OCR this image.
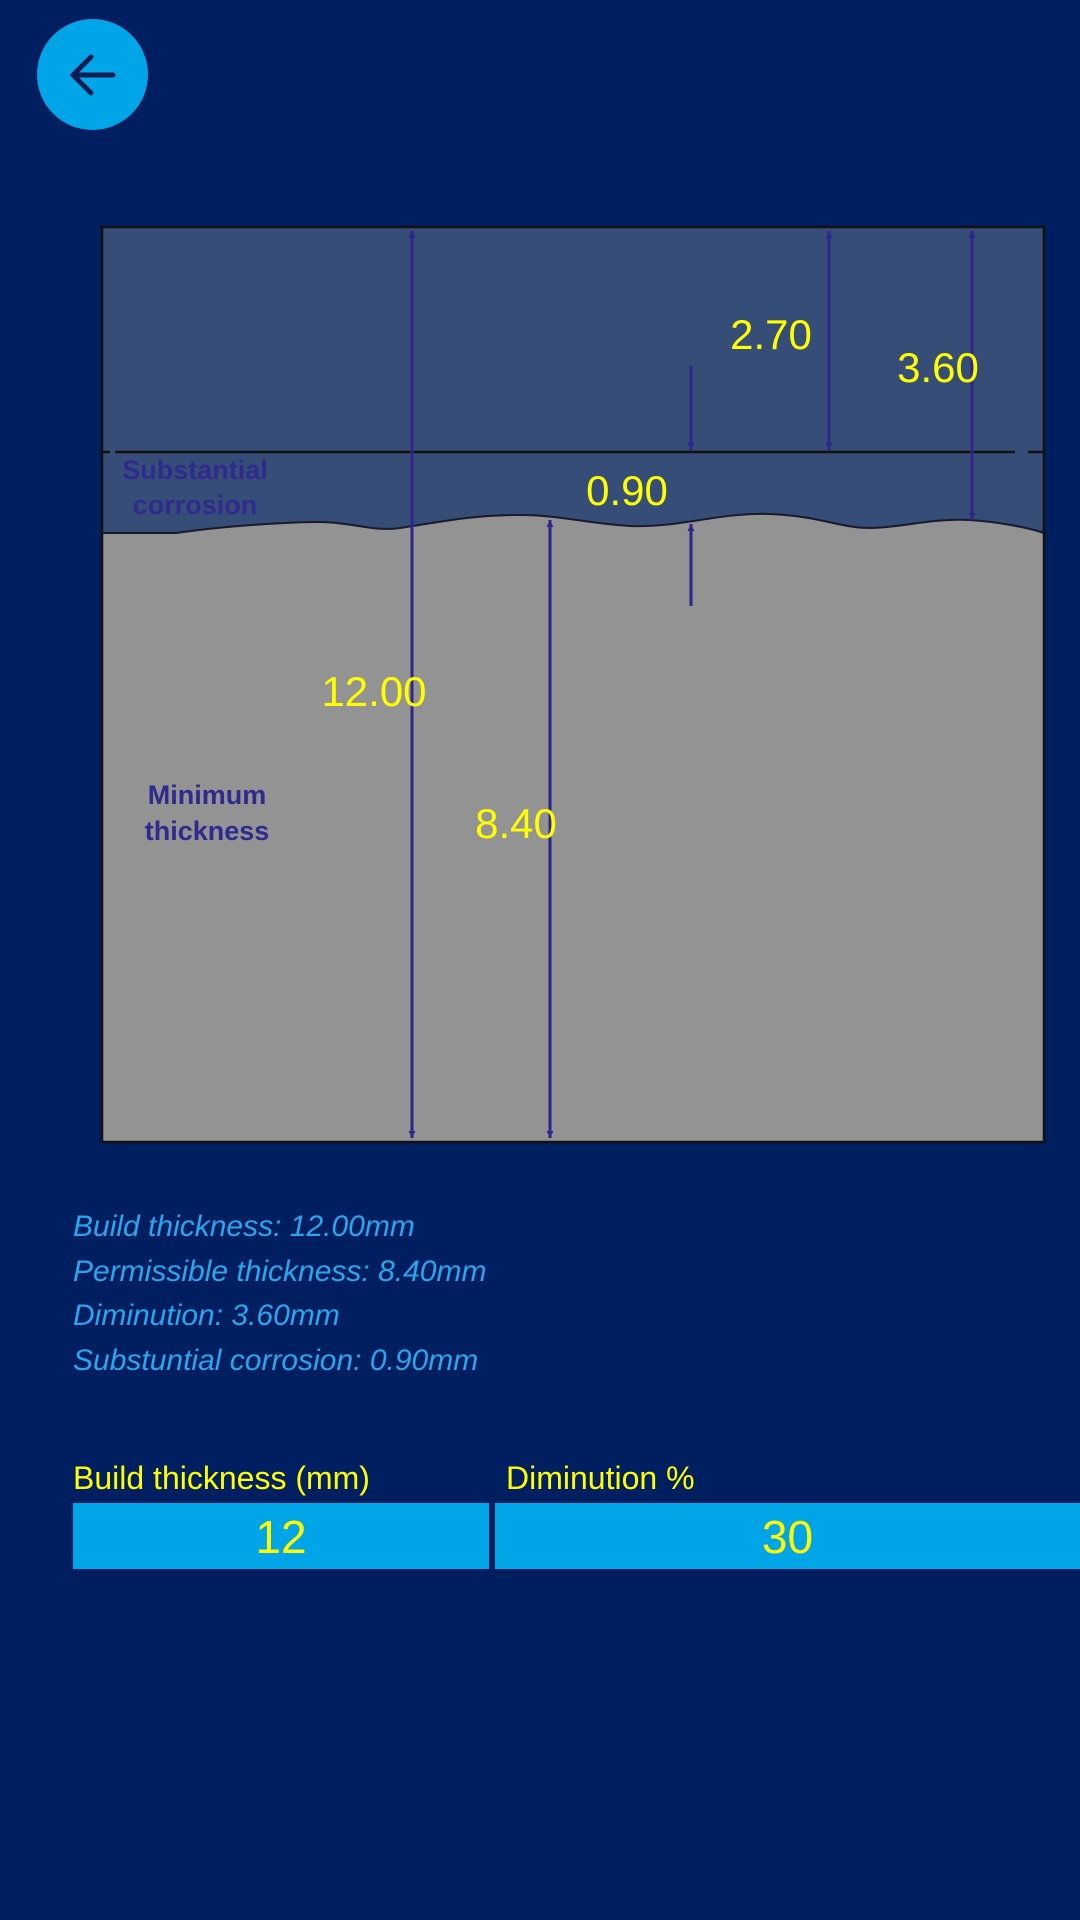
12.00
8.40
2.70
3.60
0.90
Substantial
corrosion
Minimum
thickness
Build thickness: 12.00mm
Permissible thickness: 8.40mm
Diminution: 3.60mm
Substuntial corrosion: 0.90mm
Build thickness (mm)	Diminution %
12	30
